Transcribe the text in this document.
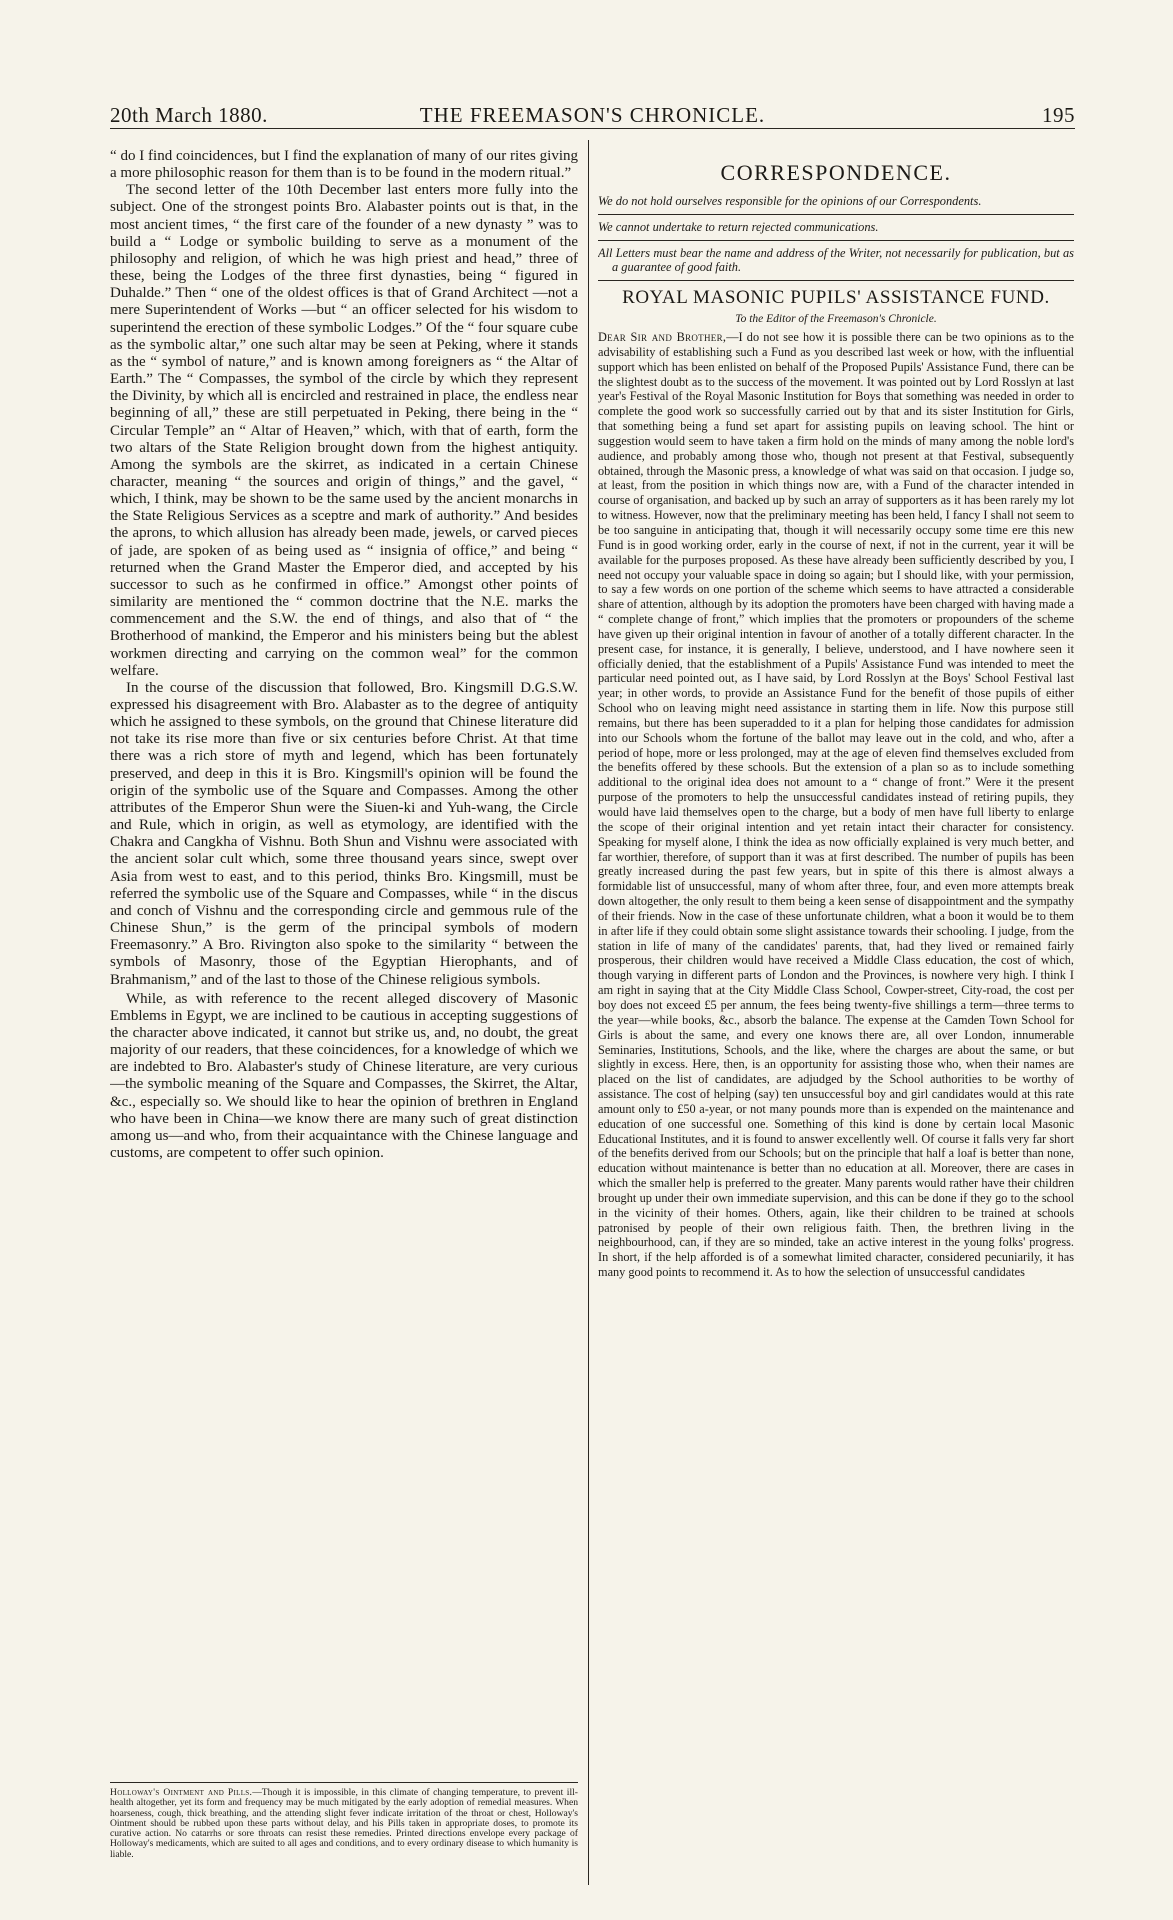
20th March 1880.	THE FREEMASON'S CHRONICLE.	195

“ do I find coincidences, but I find the explanation of many of our rites giving a more philosophic reason for them than is to be found in the modern ritual.”

The second letter of the 10th December last enters more fully into the subject. One of the strongest points Bro. Alabaster points out is that, in the most ancient times, “ the first care of the founder of a new dynasty ” was to build a “ Lodge or symbolic building to serve as a monument of the philosophy and religion, of which he was high priest and head,” three of these, being the Lodges of the three first dynasties, being “ figured in Duhalde.” Then “ one of the oldest offices is that of Grand Architect —not a mere Superintendent of Works —but “ an officer selected for his wisdom to superintend the erection of these symbolic Lodges.” Of the “ four square cube as the symbolic altar,” one such altar may be seen at Peking, where it stands as the “ symbol of nature,” and is known among foreigners as “ the Altar of Earth.” The “ Compasses, the symbol of the circle by which they represent the Divinity, by which all is encircled and restrained in place, the endless near beginning of all,” these are still perpetuated in Peking, there being in the “ Circular Temple” an “ Altar of Heaven,” which, with that of earth, form the two altars of the State Religion brought down from the highest antiquity. Among the symbols are the skirret, as indicated in a certain Chinese character, meaning “ the sources and origin of things,” and the gavel, “ which, I think, may be shown to be the same used by the ancient monarchs in the State Religious Services as a sceptre and mark of authority.” And besides the aprons, to which allusion has already been made, jewels, or carved pieces of jade, are spoken of as being used as “ insignia of office,” and being “ returned when the Grand Master the Emperor died, and accepted by his successor to such as he confirmed in office.” Amongst other points of similarity are mentioned the “ common doctrine that the N.E. marks the commencement and the S.W. the end of things, and also that of “ the Brotherhood of mankind, the Emperor and his ministers being but the ablest workmen directing and carrying on the common weal” for the common welfare.

In the course of the discussion that followed, Bro. Kingsmill D.G.S.W. expressed his disagreement with Bro. Alabaster as to the degree of antiquity which he assigned to these symbols, on the ground that Chinese literature did not take its rise more than five or six centuries before Christ. At that time there was a rich store of myth and legend, which has been fortunately preserved, and deep in this it is Bro. Kingsmill's opinion will be found the origin of the symbolic use of the Square and Compasses. Among the other attributes of the Emperor Shun were the Siuen-ki and Yuh-wang, the Circle and Rule, which in origin, as well as etymology, are identified with the Chakra and Cangkha of Vishnu. Both Shun and Vishnu were associated with the ancient solar cult which, some three thousand years since, swept over Asia from west to east, and to this period, thinks Bro. Kingsmill, must be referred the symbolic use of the Square and Compasses, while “ in the discus and conch of Vishnu and the corresponding circle and gemmous rule of the Chinese Shun,” is the germ of the principal symbols of modern Freemasonry.” A Bro. Rivington also spoke to the similarity “ between the symbols of Masonry, those of the Egyptian Hierophants, and of Brahmanism,” and of the last to those of the Chinese religious symbols.

While, as with reference to the recent alleged discovery of Masonic Emblems in Egypt, we are inclined to be cautious in accepting suggestions of the character above indicated, it cannot but strike us, and, no doubt, the great majority of our readers, that these coincidences, for a knowledge of which we are indebted to Bro. Alabaster's study of Chinese literature, are very curious—the symbolic meaning of the Square and Compasses, the Skirret, the Altar, &c., especially so. We should like to hear the opinion of brethren in England who have been in China—we know there are many such of great distinction among us—and who, from their acquaintance with the Chinese language and customs, are competent to offer such opinion.

Holloway's Ointment and Pills.—Though it is impossible, in this climate of changing temperature, to prevent ill-health altogether, yet its form and frequency may be much mitigated by the early adoption of remedial measures. When hoarseness, cough, thick breathing, and the attending slight fever indicate irritation of the throat or chest, Holloway's Ointment should be rubbed upon these parts without delay, and his Pills taken in appropriate doses, to promote its curative action. No catarrhs or sore throats can resist these remedies. Printed directions envelope every package of Holloway's medicaments, which are suited to all ages and conditions, and to every ordinary disease to which humanity is liable.
CORRESPONDENCE.

We do not hold ourselves responsible for the opinions of our Correspondents.

We cannot undertake to return rejected communications.

All Letters must bear the name and address of the Writer, not necessarily for publication, but as a guarantee of good faith.

ROYAL MASONIC PUPILS' ASSISTANCE FUND.
To the Editor of the Freemason's Chronicle.

Dear Sir and Brother,—I do not see how it is possible there can be two opinions as to the advisability of establishing such a Fund as you described last week or how, with the influential support which has been enlisted on behalf of the Proposed Pupils' Assistance Fund, there can be the slightest doubt as to the success of the movement. It was pointed out by Lord Rosslyn at last year's Festival of the Royal Masonic Institution for Boys that something was needed in order to complete the good work so successfully carried out by that and its sister Institution for Girls, that something being a fund set apart for assisting pupils on leaving school. The hint or suggestion would seem to have taken a firm hold on the minds of many among the noble lord's audience, and probably among those who, though not present at that Festival, subsequently obtained, through the Masonic press, a knowledge of what was said on that occasion. I judge so, at least, from the position in which things now are, with a Fund of the character intended in course of organisation, and backed up by such an array of supporters as it has been rarely my lot to witness. However, now that the preliminary meeting has been held, I fancy I shall not seem to be too sanguine in anticipating that, though it will necessarily occupy some time ere this new Fund is in good working order, early in the course of next, if not in the current, year it will be available for the purposes proposed. As these have already been sufficiently described by you, I need not occupy your valuable space in doing so again; but I should like, with your permission, to say a few words on one portion of the scheme which seems to have attracted a considerable share of attention, although by its adoption the promoters have been charged with having made a “ complete change of front,” which implies that the promoters or propounders of the scheme have given up their original intention in favour of another of a totally different character. In the present case, for instance, it is generally, I believe, understood, and I have nowhere seen it officially denied, that the establishment of a Pupils' Assistance Fund was intended to meet the particular need pointed out, as I have said, by Lord Rosslyn at the Boys' School Festival last year; in other words, to provide an Assistance Fund for the benefit of those pupils of either School who on leaving might need assistance in starting them in life. Now this purpose still remains, but there has been superadded to it a plan for helping those candidates for admission into our Schools whom the fortune of the ballot may leave out in the cold, and who, after a period of hope, more or less prolonged, may at the age of eleven find themselves excluded from the benefits offered by these schools. But the extension of a plan so as to include something additional to the original idea does not amount to a “ change of front.” Were it the present purpose of the promoters to help the unsuccessful candidates instead of retiring pupils, they would have laid themselves open to the charge, but a body of men have full liberty to enlarge the scope of their original intention and yet retain intact their character for consistency. Speaking for myself alone, I think the idea as now officially explained is very much better, and far worthier, therefore, of support than it was at first described. The number of pupils has been greatly increased during the past few years, but in spite of this there is almost always a formidable list of unsuccessful, many of whom after three, four, and even more attempts break down altogether, the only result to them being a keen sense of disappointment and the sympathy of their friends. Now in the case of these unfortunate children, what a boon it would be to them in after life if they could obtain some slight assistance towards their schooling. I judge, from the station in life of many of the candidates' parents, that, had they lived or remained fairly prosperous, their children would have received a Middle Class education, the cost of which, though varying in different parts of London and the Provinces, is nowhere very high. I think I am right in saying that at the City Middle Class School, Cowper-street, City-road, the cost per boy does not exceed £5 per annum, the fees being twenty-five shillings a term—three terms to the year—while books, &c., absorb the balance. The expense at the Camden Town School for Girls is about the same, and every one knows there are, all over London, innumerable Seminaries, Institutions, Schools, and the like, where the charges are about the same, or but slightly in excess. Here, then, is an opportunity for assisting those who, when their names are placed on the list of candidates, are adjudged by the School authorities to be worthy of assistance. The cost of helping (say) ten unsuccessful boy and girl candidates would at this rate amount only to £50 a-year, or not many pounds more than is expended on the maintenance and education of one successful one. Something of this kind is done by certain local Masonic Educational Institutes, and it is found to answer excellently well. Of course it falls very far short of the benefits derived from our Schools; but on the principle that half a loaf is better than none, education without maintenance is better than no education at all. Moreover, there are cases in which the smaller help is preferred to the greater. Many parents would rather have their children brought up under their own immediate supervision, and this can be done if they go to the school in the vicinity of their homes. Others, again, like their children to be trained at schools patronised by people of their own religious faith. Then, the brethren living in the neighbourhood, can, if they are so minded, take an active interest in the young folks' progress. In short, if the help afforded is of a somewhat limited character, considered pecuniarily, it has many good points to recommend it. As to how the selection of unsuccessful candidates
